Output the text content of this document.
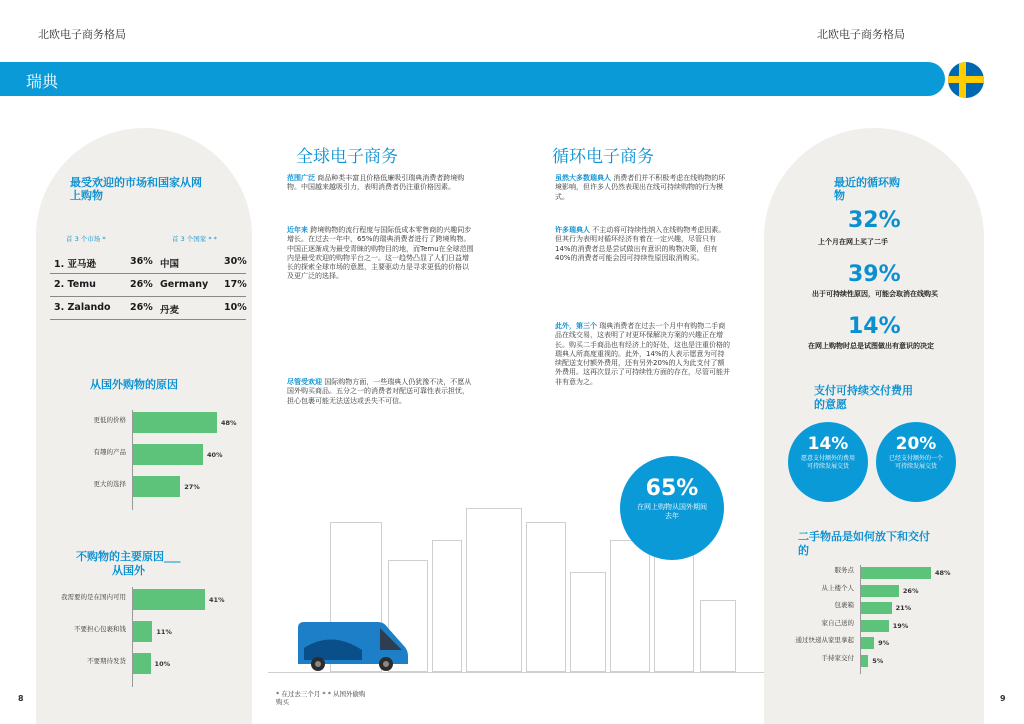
北欧电子商务格局	北欧电子商务格局
瑞典
最受欢迎的市场和国家从网
上购物
首 3 个市场 *	首 3 个国家 * *
1. 亚马逊	36% 中国	30%
2. Temu	26% Germany 17%
3. Zalando 26% 丹麦	10%
从国外购物的原因
更低的价格	48%
有趣的产品	40%
更大的选择	27%
不购物的主要原因___
从国外
我需要的是在国内可用	41%
不要担心包裹和钱	11%
不要期待发货	10%
8	* 在过去三个月 * * 从国外偷购购买
全球电子商务
范围广泛 商品种类丰富且价格低廉吸引瑞典消费者跨境购物。中国越来越吸引力，表明消费者仍注重价格因素。
近年来 跨境购物的流行程度与国际低成本零售商的兴趣同步增长。在过去一年中，65%的瑞典消费者进行了跨境购物。中国正逐渐成为最受青睐的购物目的地，而Temu在全球范围内是最受欢迎的购物平台之一。这一趋势凸显了人们日益增长的探索全球市场的意愿，主要驱动力是寻求更低的价格以及更广泛的选择。
尽管受欢迎 国际购物方面，一些瑞典人仍犹豫不决，不愿从国外购买商品。五分之一的消费者对配送可靠性表示担忧，担心包裹可能无法送达或丢失不可信。
循环电子商务
虽然大多数瑞典人 消费者们并不积极考虑在线购物的环境影响，但许多人仍然表现出在线可持续购物的行为模式。
许多瑞典人 不主动将可持续性纳入在线购物考虑因素。但其行为表明对循环经济有着在一定兴趣，尽管只有14%的消费者总是尝试做出有意识的购物决策，但有40%的消费者可能会因可持续性原因取消购买。
此外，第三个 瑞典消费者在过去一个月中有购物二手商品在线交易，这表明了对更环保解决方案的兴趣正在增长。购买二手商品也有经济上的好处，这也是注重价格的瑞典人所高度重视的。此外，14%的人表示愿意为可持续配送支付额外费用，还有另外20%的人为此支付了额外费用。这再次显示了可持续性方面的存在，尽管可能并非有意为之。
65%
在网上购物从国外期间去年
最近的循环购
物
32%
上个月在网上买了二手
39%
出于可持续性原因，可能会取消在线购买
14%
在网上购物时总是试图做出有意识的决定
支付可持续交付费用
的意愿
14%
愿意支付额外的费用可持续发展交货
20%
已经支付额外的一个可持续发展交货
二手物品是如何放下和交付
的
服务点	48%
从上楼个人	26%
包裹箱	21%
家自己送的	19%
通过快递从家里拿起	9%
手持家交付	5%
9
